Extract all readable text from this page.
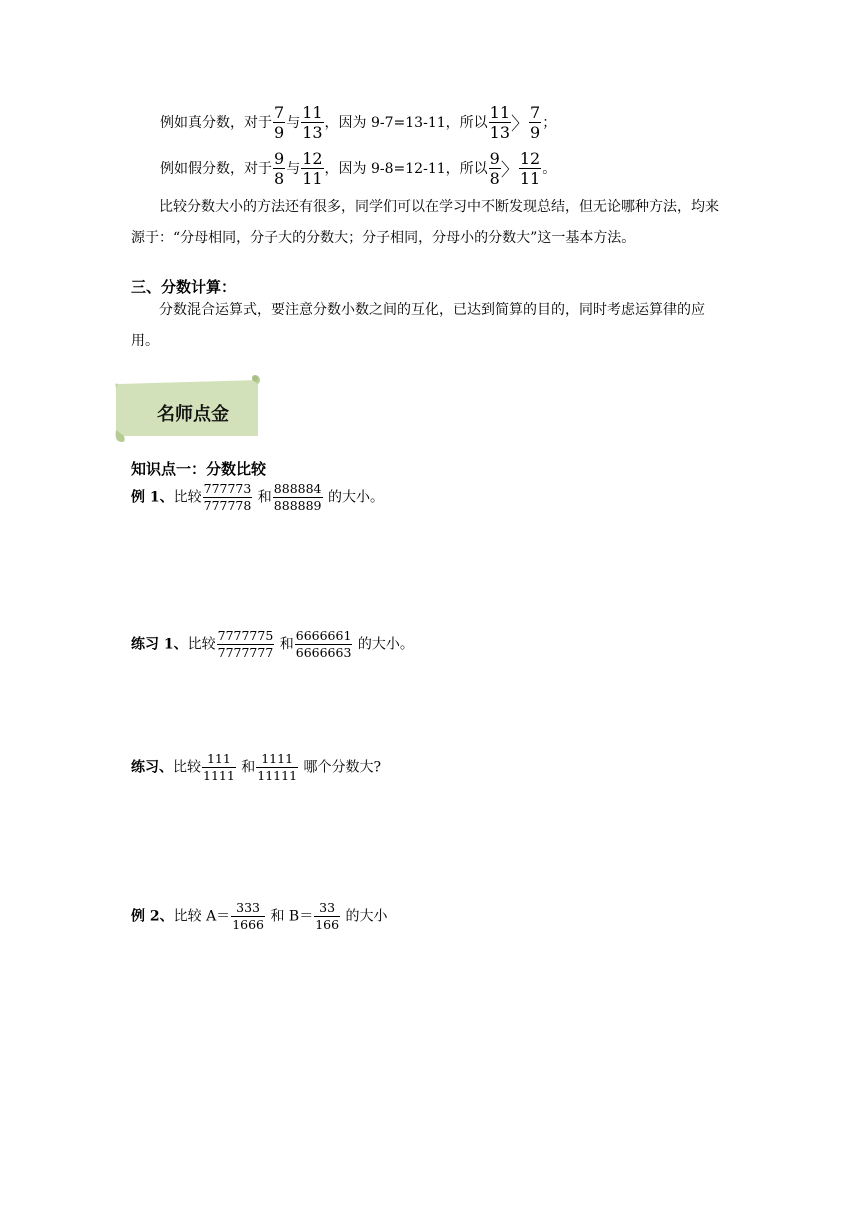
例如真分数，对于 $\frac{7}{9}$ 与 $\frac{11}{13}$ ，因为 9-7=13-11，所以 $\frac{11}{13}$ 〉 $\frac{7}{9}$ ；
例如假分数，对于 $\frac{9}{8}$ 与 $\frac{12}{11}$ ，因为 9-8=12-11，所以 $\frac{9}{8}$ 〉 $\frac{12}{11}$ 。
比较分数大小的方法还有很多，同学们可以在学习中不断发现总结，但无论哪种方法，均来源于：“分母相同，分子大的分数大；分子相同，分母小的分数大”这一基本方法。
三、分数计算：
分数混合运算式，要注意分数小数之间的互化，已达到简算的目的，同时考虑运算律的应用。
名师点金
知识点一：分数比较
例 1、比较 $\frac{777773}{777778}$ 和 $\frac{888884}{888889}$ 的大小。
练习 1、比较 $\frac{7777775}{7777777}$ 和 $\frac{6666661}{6666663}$ 的大小。
练习、比较 $\frac{111}{1111}$ 和 $\frac{1111}{11111}$ 哪个分数大?
例 2、比较 $A= \frac{333}{1666}$ 和 $B= \frac{33}{166}$ 的大小
